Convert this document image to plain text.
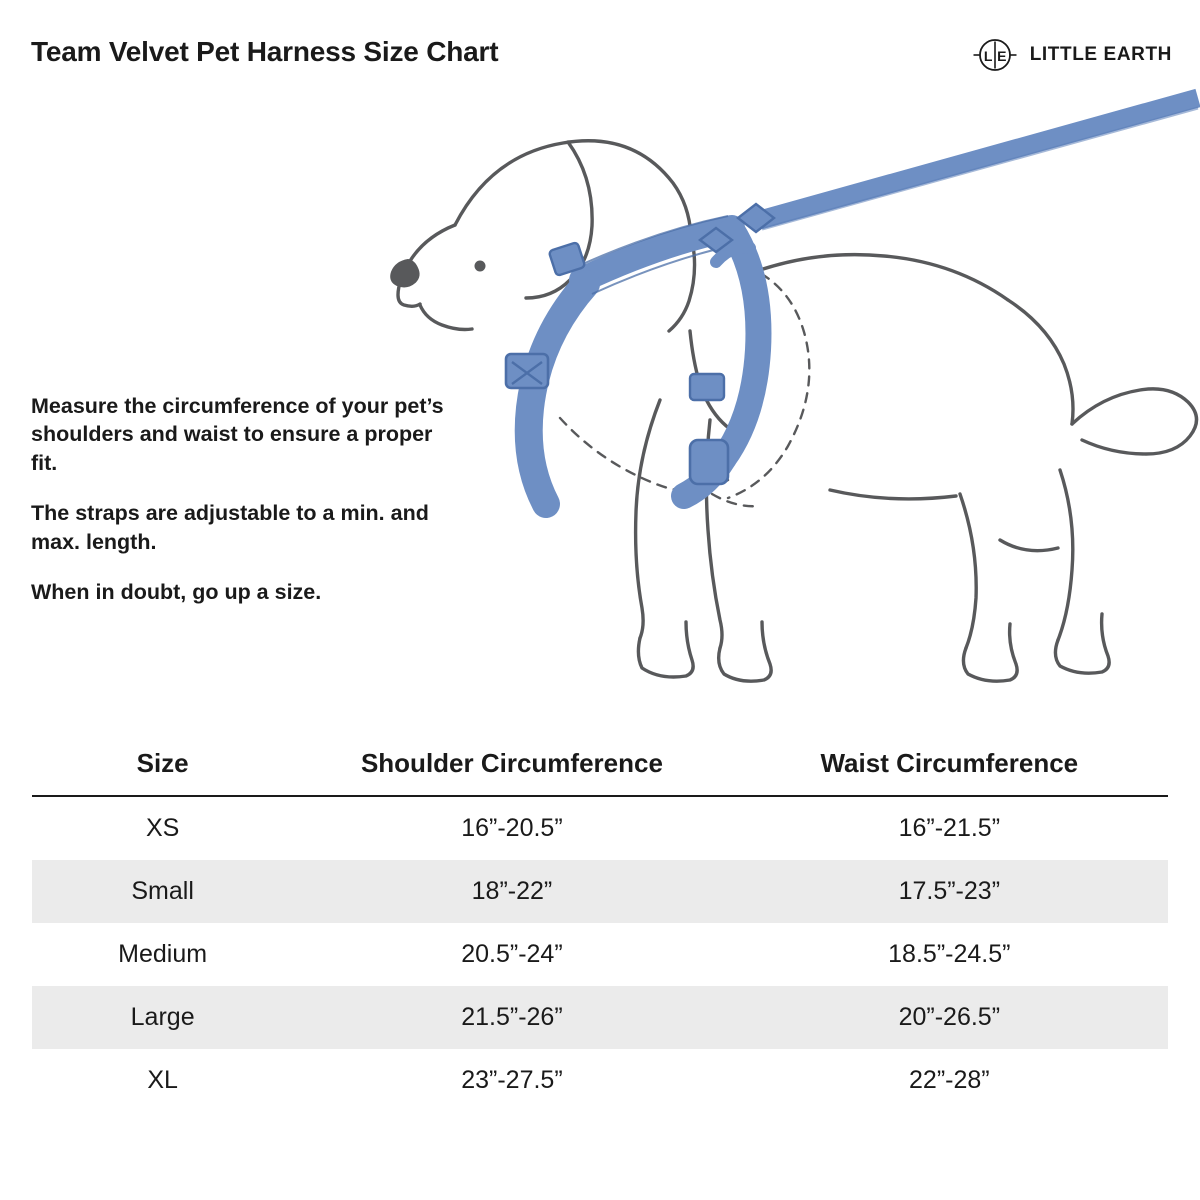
Team Velvet Pet Harness Size Chart	L E LITTLE EARTH

Measure the circumference of your pet’s shoulders and waist to ensure a proper fit.

The straps are adjustable to a min. and max. length.

When in doubt, go up a size.

Size	Shoulder Circumference	Waist Circumference
XS	16”-20.5”	16”-21.5”
Small	18”-22”	17.5”-23”
Medium	20.5”-24”	18.5”-24.5”
Large	21.5”-26”	20”-26.5”
XL	23”-27.5”	22”-28”
